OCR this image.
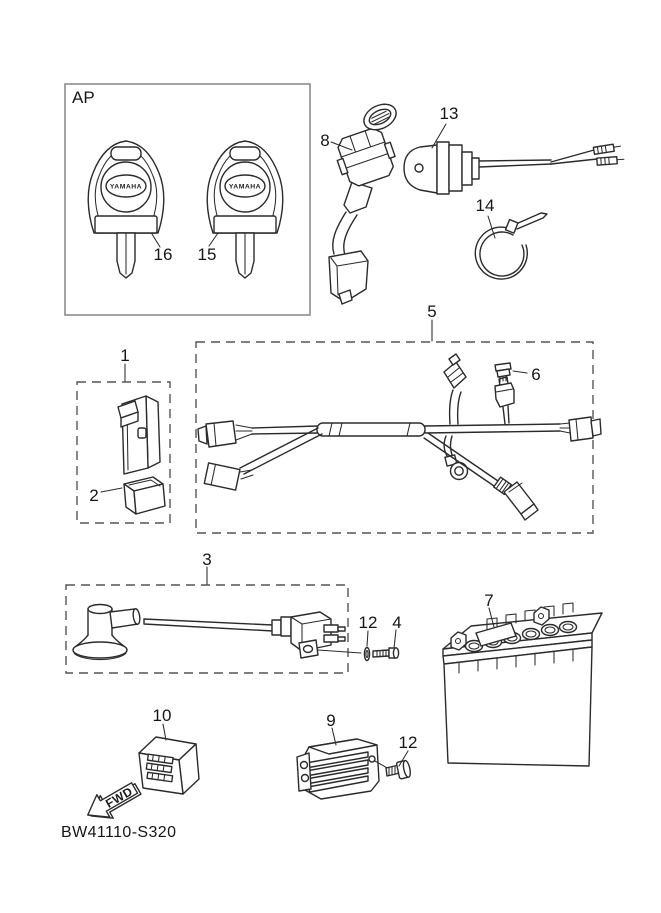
AP
YAMAHA	YAMAHA
16 15
8
13
14
5
6
1
2
3
12 4
7
10
FWD
9
12
BW41110-S320
